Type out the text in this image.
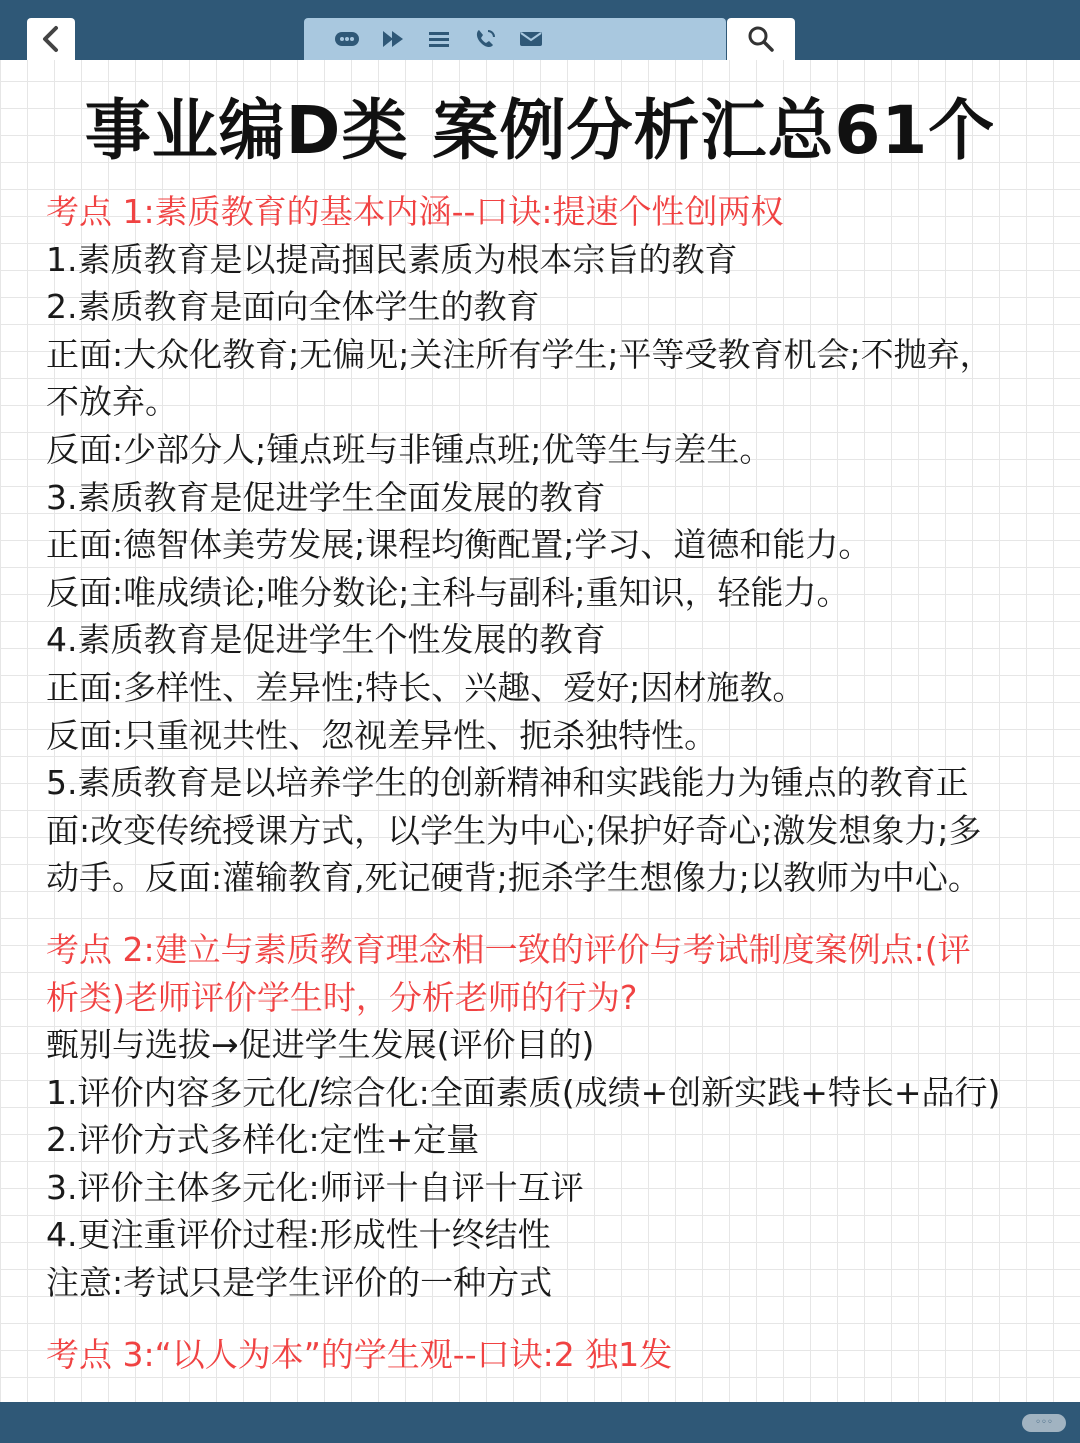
事业编D类 案例分析汇总61个
考点 1:素质教育的基本内涵--口诀:提速个性创两权
1.素质教育是以提高掴民素质为根本宗旨的教育
2.素质教育是面向全体学生的教育
正面:大众化教育;无偏见;关注所有学生;平等受教育机会;不抛弃，
不放弃。
反面:少部分人;锺点班与非锺点班;优等生与差生。
3.素质教育是促进学生全面发展的教育
正面:德智体美劳发展;课程均衡配置;学习、道德和能力。
反面:唯成绩论;唯分数论;主科与副科;重知识，轻能力。
4.素质教育是促进学生个性发展的教育
正面:多样性、差异性;特长、兴趣、爱好;因材施教。
反面:只重视共性、忽视差异性、扼杀独特性。
5.素质教育是以培养学生的创新精神和实践能力为锺点的教育正
面:改变传统授课方式，以学生为中心;保护好奇心;激发想象力;多
动手。反面:灌输教育,死记硬背;扼杀学生想像力;以教师为中心。
考点 2:建立与素质教育理念相一致的评价与考试制度案例点:(评
析类)老师评价学生时，分析老师的行为?
甄别与选拔→促进学生发展(评价目的)
1.评价内容多元化/综合化:全面素质(成绩+创新实践+特长+品行)
2.评价方式多样化:定性+定量
3.评价主体多元化:师评十自评十互评
4.更注重评价过程:形成性十终结性
注意:考试只是学生评价的一种方式
考点 3:“以人为本”的学生观--口诀:2 独1发
◦◦◦
